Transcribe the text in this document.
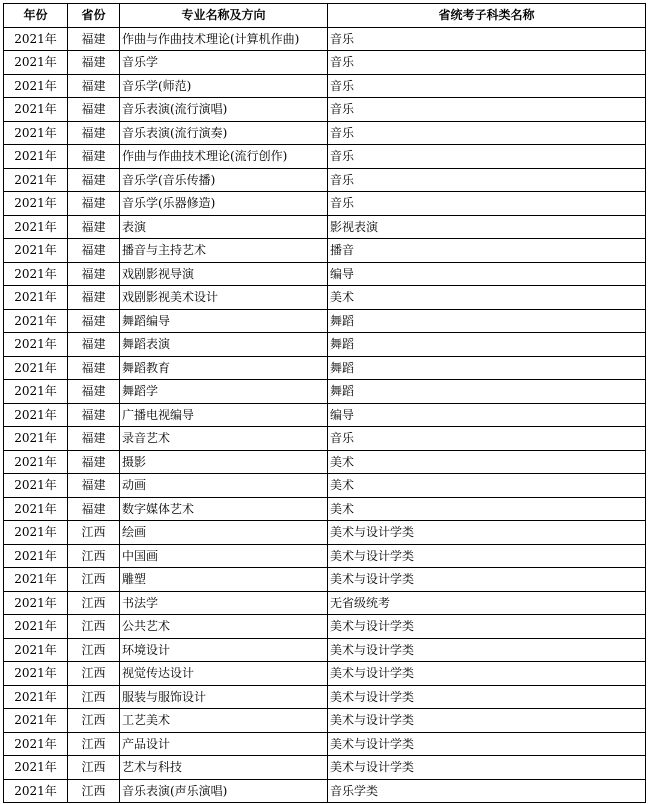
年份	省份	专业名称及方向	省统考子科类名称
2021年	福建	作曲与作曲技术理论(计算机作曲)	音乐
2021年	福建	音乐学	音乐
2021年	福建	音乐学(师范)	音乐
2021年	福建	音乐表演(流行演唱)	音乐
2021年	福建	音乐表演(流行演奏)	音乐
2021年	福建	作曲与作曲技术理论(流行创作)	音乐
2021年	福建	音乐学(音乐传播)	音乐
2021年	福建	音乐学(乐器修造)	音乐
2021年	福建	表演	影视表演
2021年	福建	播音与主持艺术	播音
2021年	福建	戏剧影视导演	编导
2021年	福建	戏剧影视美术设计	美术
2021年	福建	舞蹈编导	舞蹈
2021年	福建	舞蹈表演	舞蹈
2021年	福建	舞蹈教育	舞蹈
2021年	福建	舞蹈学	舞蹈
2021年	福建	广播电视编导	编导
2021年	福建	录音艺术	音乐
2021年	福建	摄影	美术
2021年	福建	动画	美术
2021年	福建	数字媒体艺术	美术
2021年	江西	绘画	美术与设计学类
2021年	江西	中国画	美术与设计学类
2021年	江西	雕塑	美术与设计学类
2021年	江西	书法学	无省级统考
2021年	江西	公共艺术	美术与设计学类
2021年	江西	环境设计	美术与设计学类
2021年	江西	视觉传达设计	美术与设计学类
2021年	江西	服装与服饰设计	美术与设计学类
2021年	江西	工艺美术	美术与设计学类
2021年	江西	产品设计	美术与设计学类
2021年	江西	艺术与科技	美术与设计学类
2021年	江西	音乐表演(声乐演唱)	音乐学类
